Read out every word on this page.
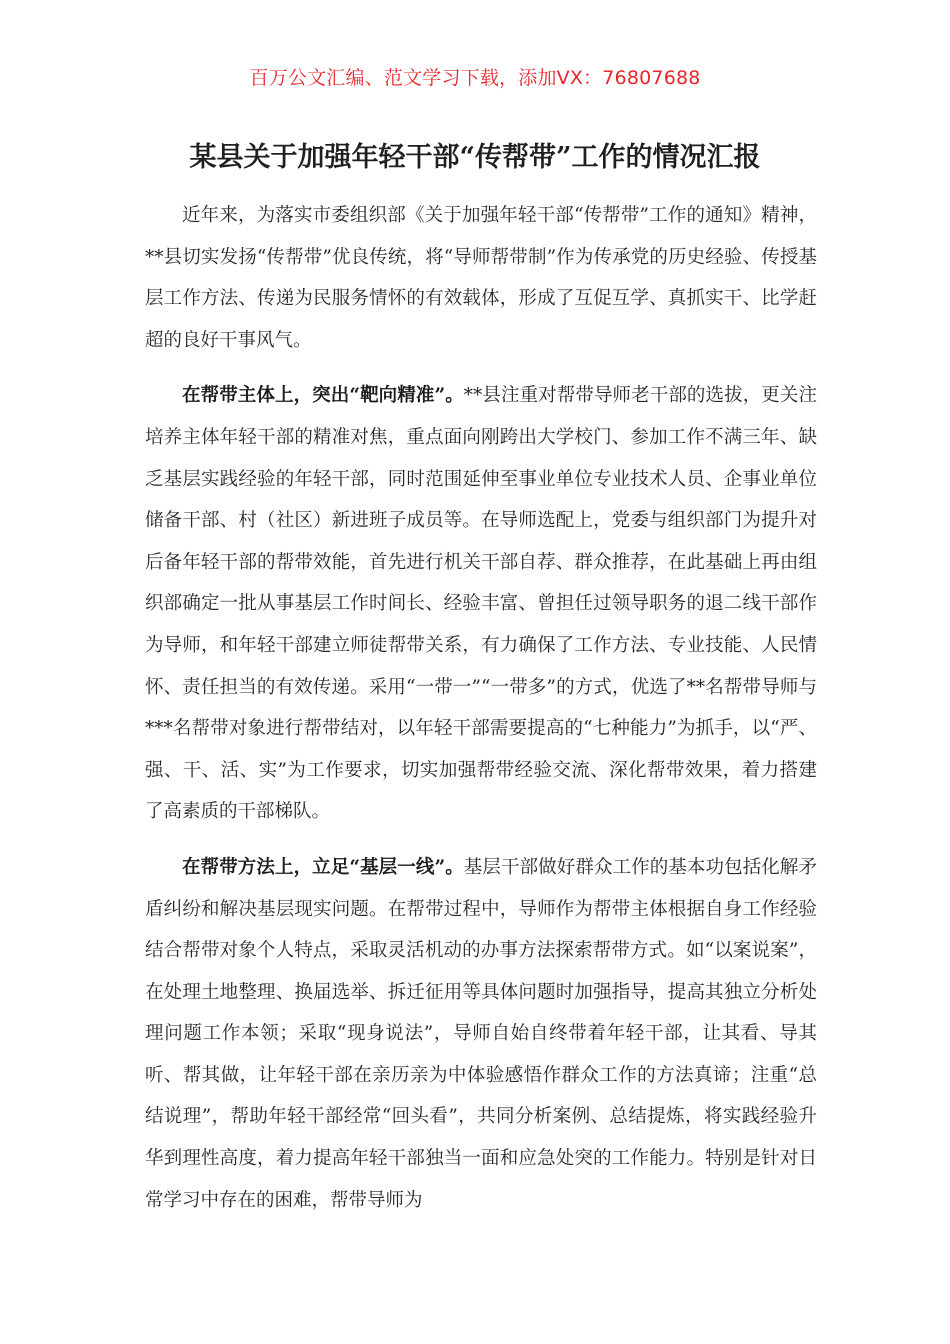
百万公文汇编、范文学习下载，添加VX：76807688
某县关于加强年轻干部“传帮带”工作的情况汇报

近年来，为落实市委组织部《关于加强年轻干部“传帮带”工作的通知》精神，**县切实发扬“传帮带”优良传统，将“导师帮带制”作为传承党的历史经验、传授基层工作方法、传递为民服务情怀的有效载体，形成了互促互学、真抓实干、比学赶超的良好干事风气。

在帮带主体上，突出“靶向精准”。**县注重对帮带导师老干部的选拔，更关注培养主体年轻干部的精准对焦，重点面向刚跨出大学校门、参加工作不满三年、缺乏基层实践经验的年轻干部，同时范围延伸至事业单位专业技术人员、企事业单位储备干部、村（社区）新进班子成员等。在导师选配上，党委与组织部门为提升对后备年轻干部的帮带效能，首先进行机关干部自荐、群众推荐，在此基础上再由组织部确定一批从事基层工作时间长、经验丰富、曾担任过领导职务的退二线干部作为导师，和年轻干部建立师徒帮带关系，有力确保了工作方法、专业技能、人民情怀、责任担当的有效传递。采用“一带一”“一带多”的方式，优选了**名帮带导师与***名帮带对象进行帮带结对，以年轻干部需要提高的“七种能力”为抓手，以“严、强、干、活、实”为工作要求，切实加强帮带经验交流、深化帮带效果，着力搭建了高素质的干部梯队。

在帮带方法上，立足“基层一线”。基层干部做好群众工作的基本功包括化解矛盾纠纷和解决基层现实问题。在帮带过程中，导师作为帮带主体根据自身工作经验结合帮带对象个人特点，采取灵活机动的办事方法探索帮带方式。如“以案说案”，在处理土地整理、换届选举、拆迁征用等具体问题时加强指导，提高其独立分析处理问题工作本领；采取“现身说法”，导师自始自终带着年轻干部，让其看、导其听、帮其做，让年轻干部在亲历亲为中体验感悟作群众工作的方法真谛；注重“总结说理”，帮助年轻干部经常“回头看”，共同分析案例、总结提炼，将实践经验升华到理性高度，着力提高年轻干部独当一面和应急处突的工作能力。特别是针对日常学习中存在的困难，帮带导师为
